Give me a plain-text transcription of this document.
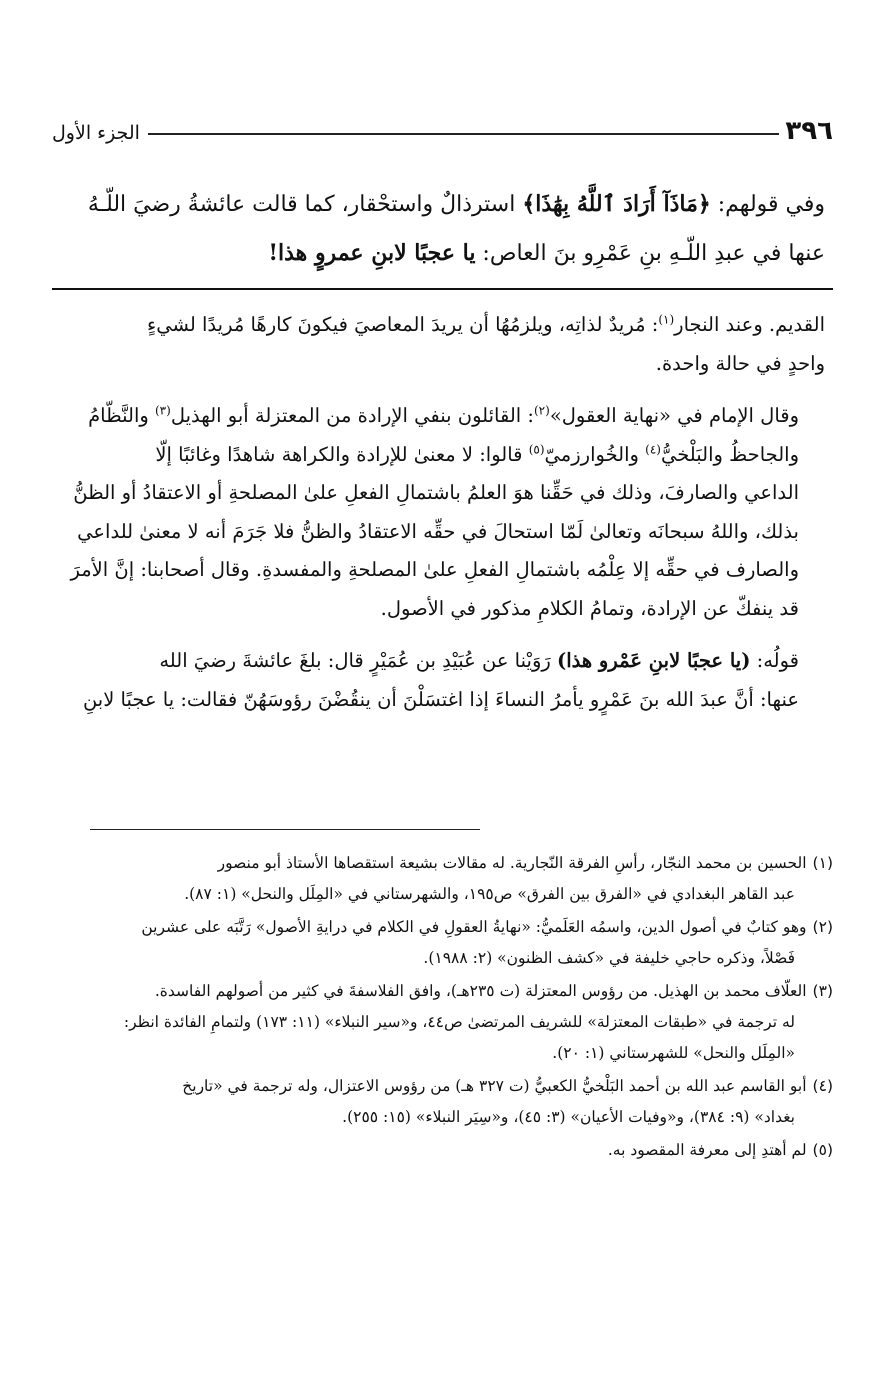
٣٩٦
الجزء الأول
وفي قولهم: ﴿مَاذَآ أَرَادَ ٱللَّهُ بِهَٰذَا﴾ استرذالٌ واستحْقار، كما قالت عائشةُ رضيَ اللّـهُ
عنها في عبدِ اللّـهِ بنِ عَمْرِو بنَ العاص: يا عجبًا لابنِ عمروٍ هذا!

القديم. وعند النجار$^{(١)}$: مُريدٌ لذاتِه، ويلزمُهُا أن يريدَ المعاصيَ فيكونَ كارهًا مُريدًا لشيءٍ
واحدٍ في حالة واحدة.

وقال الإمام في «نهاية العقول»$^{(٢)}$: القائلون بنفي الإرادة من المعتزلة أبو الهذيل$^{(٣)}$ والنَّظّامُ
والجاحظُ والبَلْخيُّ$^{(٤)}$ والخُوارزميّ$^{(٥)}$ قالوا: لا معنىٰ للإرادة والكراهة شاهدًا وغائبًا إلّا
الداعي والصارفَ، وذلك في حَقِّنا هوَ العلمُ باشتمالِ الفعلِ علىٰ المصلحةِ أو الاعتقادُ أو الظنُّ
بذلك، واللهُ سبحانَه وتعالىٰ لَمّا استحالَ في حقِّه الاعتقادُ والظنُّ فلا جَرَمَ أنه لا معنىٰ للداعي
والصارف في حقِّه إلا عِلْمُه باشتمالِ الفعلِ علىٰ المصلحةِ والمفسدةِ. وقال أصحابنا: إنَّ الأمرَ
قد ينفكّ عن الإرادة، وتمامُ الكلامِ مذكور في الأصول.

قولُه: (يا عجبًا لابنِ عَمْرو هذا) رَوَيْنا عن عُبَيْدِ بن عُمَيْرٍ قال: بلغَ عائشةَ رضيَ الله
عنها: أنَّ عبدَ الله بنَ عَمْرٍو يأمرُ النساءَ إذا اغتسَلْنَ أن ينقُضْنَ رؤوسَهُنّ فقالت: يا عجبًا لابنِ

(١)الحسين بن محمد النجّار، رأسِ الفرقة النّجارية. له مقالات بشيعة استقصاها الأستاذ أبو منصور
عبد القاهر البغدادي في «الفرق بين الفرق» ص١٩٥، والشهرستاني في «المِلَل والنحل» (١: ٨٧).
(٢)وهو كتابٌ في أصول الدين، واسمُه العَلَميُّ: «نهايةُ العقولِ في الكلام في درايةِ الأصول» رَتَّبَه على عشرين
فَصْلاً، وذكره حاجي خليفة في «كشف الظنون» (٢: ١٩٨٨).
(٣)العلّاف محمد بن الهذيل. من رؤوس المعتزلة (ت ٢٣٥هـ)، وافق الفلاسفةَ في كثير من أصولهم الفاسدة.
له ترجمة في «طبقات المعتزلة» للشريف المرتضىٰ ص٤٤، و«سير النبلاء» (١١: ١٧٣) ولتمامِ الفائدة انظر:
«المِلَل والنحل» للشهرستاني (١: ٢٠).
(٤)أبو القاسم عبد الله بن أحمد البَلْخيُّ الكعبيُّ (ت ٣٢٧ هـ) من رؤوس الاعتزال، وله ترجمة في «تاريخ
بغداد» (٩: ٣٨٤)، و«وفيات الأعيان» (٣: ٤٥)، و«سِيَر النبلاء» (١٥: ٢٥٥).
(٥)لم أهتدِ إلى معرفة المقصود به.
